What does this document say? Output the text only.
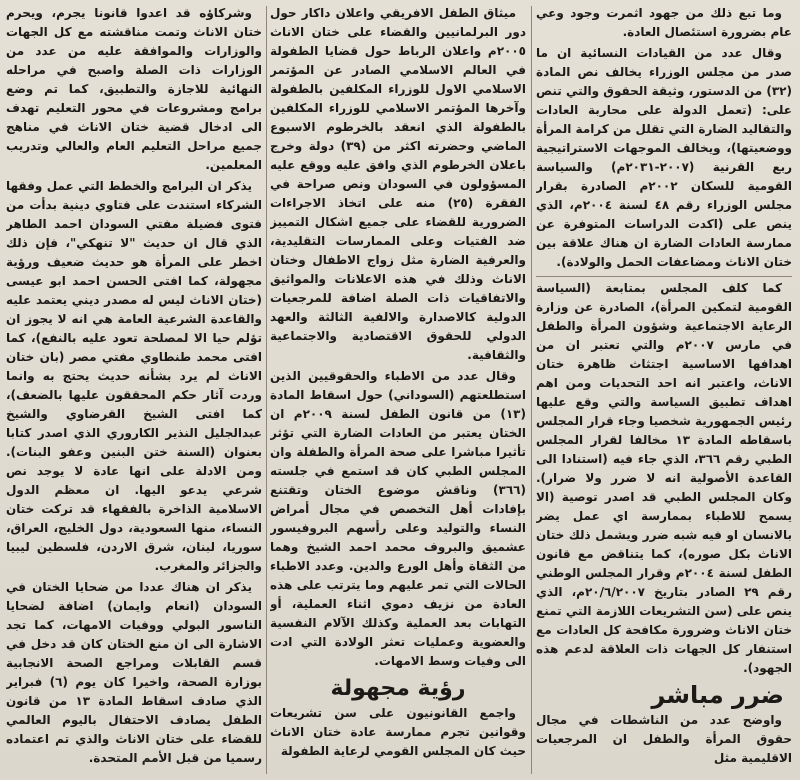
وما تبع ذلك من جهود اثمرت وجود وعي عام بضرورة استئصال العادة.

وقال عدد من القيادات النسائية ان ما صدر من مجلس الوزراء يخالف نص المادة (٣٢) من الدستور، وثيقة الحقوق والتي تنص على: (تعمل الدولة على محاربة العادات والتقاليد الضارة التي تقلل من كرامة المرأة ووضعيتها)، ويخالف الموجهات الاستراتيجية ربع القرنية (٢٠٠٧-٢٠٣١م) والسياسة القومية للسكان ٢٠٠٢م الصادرة بقرار مجلس الوزراء رقم ٤٨ لسنة ٢٠٠٤م، الذي ينص على (اكدت الدراسات المتوفرة عن ممارسة العادات الضارة ان هناك علاقة بين ختان الاناث ومضاعفات الحمل والولادة).

كما كلف المجلس بمتابعة (السياسة القومية لتمكين المرأة)، الصادرة عن وزارة الرعاية الاجتماعية وشؤون المرأة والطفل في مارس ٢٠٠٧م والتي تعتبر ان من اهدافها الاساسية اجتثاث ظاهرة ختان الاناث، واعتبر انه احد التحديات ومن اهم اهداف تطبيق السياسة والتي وقع عليها رئيس الجمهورية شخصيا وجاء قرار المجلس باسقاطه المادة ١٣ مخالفا لقرار المجلس الطبي رقم ٣٦٦، الذي جاء فيه (استنادا الى القاعدة الأصولية انه لا ضرر ولا ضرار). وكان المجلس الطبي قد اصدر توصية (الا يسمح للاطباء بممارسة اي عمل يضر بالانسان او فيه شبه ضرر ويشمل ذلك ختان الاناث بكل صوره)، كما يتناقض مع قانون الطفل لسنة ٢٠٠٤م وقرار المجلس الوطني رقم ٢٩ الصادر بتاريخ ٢٠/٦/٢٠٠٧م، الذي ينص على (سن التشريعات اللازمة التي تمنع ختان الاناث وضرورة مكافحة كل العادات مع استنفار كل الجهات ذات العلاقة لدعم هذه الجهود).

ضرر مباشر

واوضح عدد من الناشطات في مجال حقوق المرأة والطفل ان المرجعيات الاقليمية مثل

ميثاق الطفل الافريقي واعلان داكار حول دور البرلمانيين والقضاء على ختان الاناث ٢٠٠٥م واعلان الرباط حول قضايا الطفولة في العالم الاسلامي الصادر عن المؤتمر الاسلامي الاول للوزراء المكلفين بالطفولة وآخرها المؤتمر الاسلامي للوزراء المكلفين بالطفولة الذي انعقد بالخرطوم الاسبوع الماضي وحضرته اكثر من (٣٩) دولة وخرج باعلان الخرطوم الذي وافق عليه ووقع عليه المسؤولون في السودان ونص صراحة في الفقرة (٢٥) منه على اتخاذ الاجراءات الضرورية للقضاء على جميع اشكال التمييز ضد الفتيات وعلى الممارسات التقليدية، والعرفية الضارة مثل زواج الاطفال وختان الاناث وذلك في هذه الاعلانات والمواثيق والاتفاقيات ذات الصلة اضافة للمرجعيات الدولية كالاصدارة والالفية الثالثة والعهد الدولي للحقوق الاقتصادية والاجتماعية والثقافية.

وقال عدد من الاطباء والحقوقيين الذين استطلعتهم (السوداني) حول اسقاط المادة (١٣) من قانون الطفل لسنة ٢٠٠٩م ان الختان يعتبر من العادات الضارة التي تؤثر تأثيرا مباشرا على صحة المرأة والطفلة وان المجلس الطبي كان قد استمع في جلسته (٣٦٦) وناقش موضوع الختان وتقتنع بإفادات أهل التخصص في مجال أمراض النساء والتوليد وعلى رأسهم البروفيسور عشميق والبروف محمد احمد الشيخ وهما من الثقاة وأهل الورع والدين. وعدد الاطباء الحالات التي تمر عليهم وما يترتب على هذه العادة من نزيف دموي اثناء العملية، أو التهابات بعد العملية وكذلك الآلام النفسية والعضوية وعمليات تعثر الولادة التي ادت الى وفيات وسط الامهات.

رؤية مجهولة

واجمع القانونيون على سن تشريعات وقوانين تجرم ممارسة عادة ختان الاناث حيث كان المجلس القومي لرعاية الطفولة

وشركاؤه قد اعدوا قانونا يجرم، ويحرم ختان الاناث وتمت مناقشته مع كل الجهات والوزارات والموافقة عليه من عدد من الوزارات ذات الصلة واصبح في مراحله النهائية للاجازة والتطبيق، كما تم وضع برامج ومشروعات في محور التعليم تهدف الى ادخال قضية ختان الاناث في مناهج جميع مراحل التعليم العام والعالي وتدريب المعلمين.

يذكر ان البرامج والخطط التي عمل وفقها الشركاء استندت على فتاوي دينية بدأت من فتوى فضيلة مفتي السودان احمد الطاهر الذي قال ان حديث "لا تنهكي"، فإن ذلك اخطر على المرأة هو حديث ضعيف ورؤية مجهولة، كما افتى الحسن احمد ابو عيسى (ختان الاناث ليس له مصدر ديني يعتمد عليه والقاعدة الشرعية العامة هي انه لا يجوز ان تؤلم حيا الا لمصلحة تعود عليه بالنفع)، كما افتى محمد طنطاوي مفتي مصر (بان ختان الاناث لم يرد بشأنه حديث يحتج به وانما وردت آثار حكم المحققون عليها بالضعف)، كما افتى الشيخ القرضاوي والشيخ عبدالجليل النذير الكاروري الذي اصدر كتابا بعنوان (السنة ختن البنين وعفو البنات). ومن الادلة على انها عادة لا يوجد نص شرعي يدعو اليها. ان معظم الدول الاسلامية الذاخرة بالفقهاء قد تركت ختان النساء، منها السعودية، دول الخليج، العراق، سوريا، لبنان، شرق الاردن، فلسطين ليبيا والجزائر والمغرب.

يذكر ان هناك عددا من ضحايا الختان في السودان (انعام وايمان) اضافة لضحايا الناسور البولي ووفيات الامهات، كما تجد الاشارة الى ان منع الختان كان قد دخل في قسم القابلات ومراجع الصحة الانجابية بوزارة الصحة، واخيرا كان يوم (٦) فبراير الذي صادف اسقاط المادة ١٣ من قانون الطفل يصادف الاحتفال باليوم العالمي للقضاء على ختان الاناث والذي تم اعتماده رسميا من قبل الأمم المتحدة.
